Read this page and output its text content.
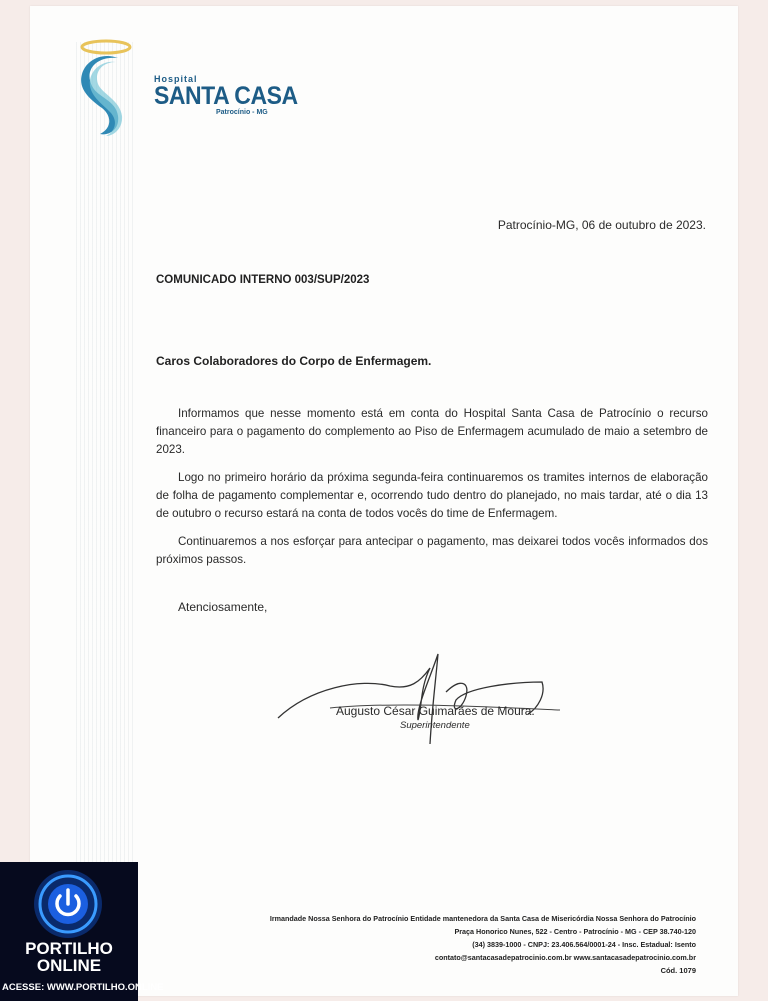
Hospital
SANTA CASA
Patrocínio - MG
Patrocínio-MG, 06 de outubro de 2023.
COMUNICADO INTERNO 003/SUP/2023
Caros Colaboradores do Corpo de Enfermagem.

Informamos que nesse momento está em conta do Hospital Santa Casa de Patrocínio o recurso financeiro para o pagamento do complemento ao Piso de Enfermagem acumulado de maio a setembro de 2023.

Logo no primeiro horário da próxima segunda-feira continuaremos os tramites internos de elaboração de folha de pagamento complementar e, ocorrendo tudo dentro do planejado, no mais tardar, até o dia 13 de outubro o recurso estará na conta de todos vocês do time de Enfermagem.

Continuaremos a nos esforçar para antecipar o pagamento, mas deixarei todos vocês informados dos próximos passos.

Atenciosamente,
Augusto César Guimarães de Moura.
Superintendente
Irmandade Nossa Senhora do Patrocínio Entidade mantenedora da Santa Casa de Misericórdia Nossa Senhora do Patrocínio
Praça Honorico Nunes, 522 - Centro - Patrocínio - MG - CEP 38.740-120
(34) 3839-1000 - CNPJ: 23.406.564/0001-24 - Insc. Estadual: Isento
contato@santacasadepatrocinio.com.br www.santacasadepatrocinio.com.br
Cód. 1079
PORTILHO
ONLINE
ACESSE: WWW.PORTILHO.ONLINE
